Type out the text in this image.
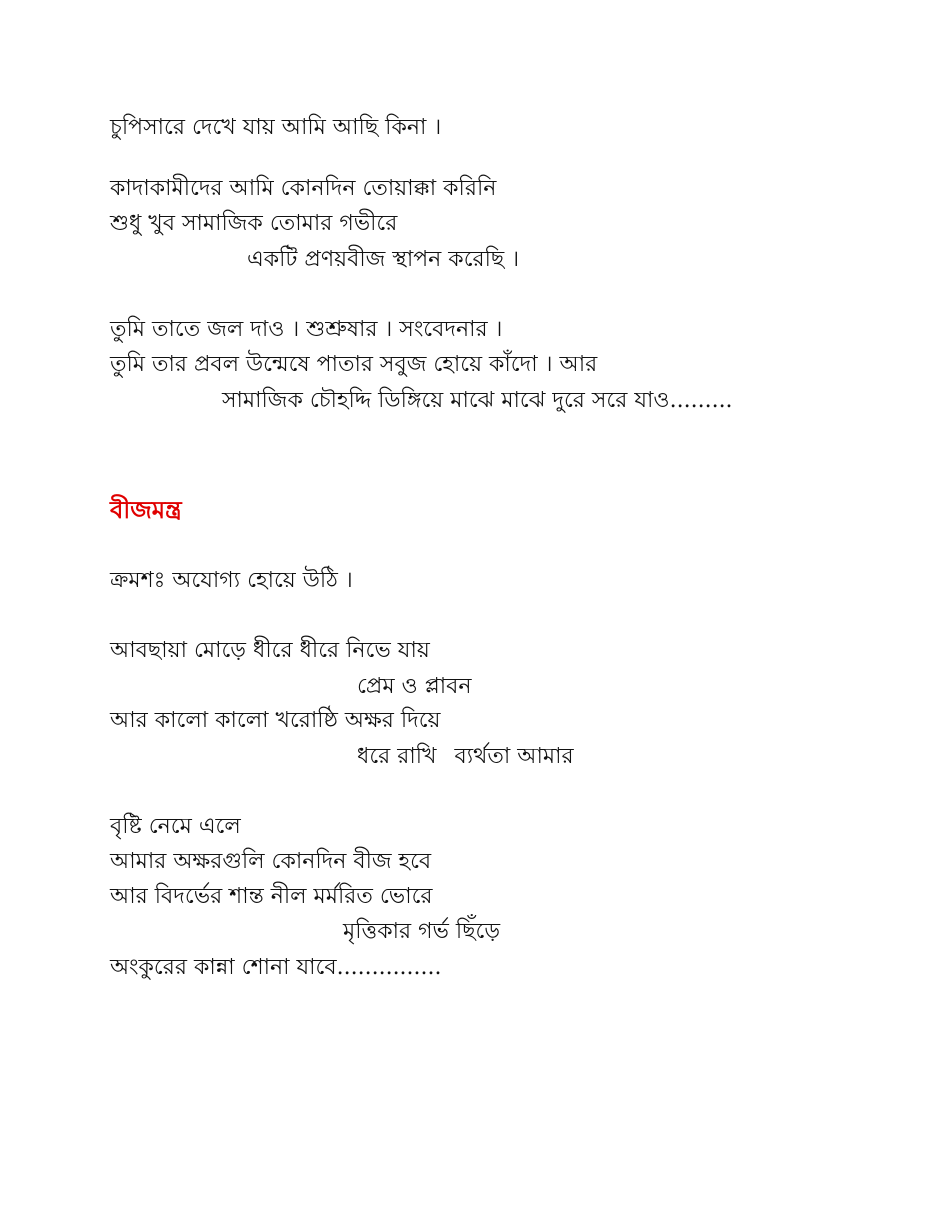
চুপিসারে দেখে যায় আমি আছি কিনা ।
কাদাকামীদের আমি কোনদিন তোয়াক্কা করিনি
শুধু খুব সামাজিক তোমার গভীরে
একটি প্রণয়বীজ স্থাপন করেছি ।
তুমি তাতে জল দাও । শুশ্রুষার । সংবেদনার ।
তুমি তার প্রবল উন্মেষে পাতার সবুজ হোয়ে কাঁদো । আর
সামাজিক চৌহদ্দি ডিঙ্গিয়ে মাঝে মাঝে দুরে সরে যাও.........
বীজমন্ত্র
ক্রমশঃ অযোগ্য হোয়ে উঠি ।
আবছায়া মোড়ে ধীরে ধীরে নিভে যায়
প্রেম ও প্লাবন
আর কালো কালো খরোষ্ঠি অক্ষর দিয়ে
ধরে রাখি ব্যর্থতা আমার
বৃষ্টি নেমে এলে
আমার অক্ষরগুলি কোনদিন বীজ হবে
আর বিদর্ভের শান্ত নীল মর্মরিত ভোরে
মৃত্তিকার গর্ভ ছিঁড়ে
অংকুরের কান্না শোনা যাবে...............
